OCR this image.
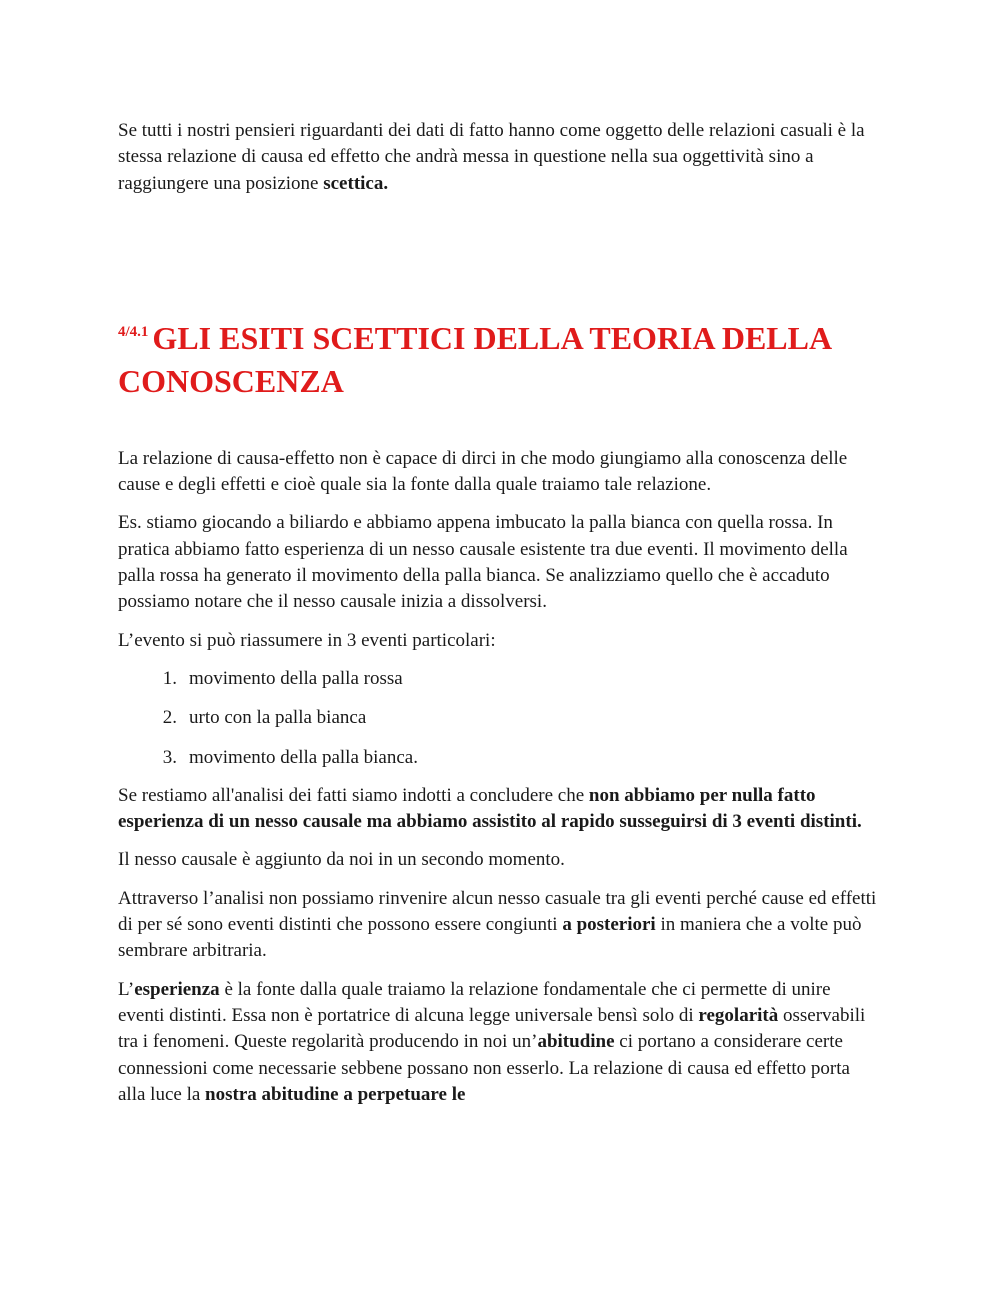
Se tutti i nostri pensieri riguardanti dei dati di fatto hanno come oggetto delle relazioni casuali è la stessa relazione di causa ed effetto che andrà messa in questione nella sua oggettività sino a raggiungere una posizione scettica.

$^{4/4.1}$ GLI ESITI SCETTICI DELLA TEORIA DELLA CONOSCENZA

La relazione di causa-effetto non è capace di dirci in che modo giungiamo alla conoscenza delle cause e degli effetti e cioè quale sia la fonte dalla quale traiamo tale relazione.

Es. stiamo giocando a biliardo e abbiamo appena imbucato la palla bianca con quella rossa. In pratica abbiamo fatto esperienza di un nesso causale esistente tra due eventi. Il movimento della palla rossa ha generato il movimento della palla bianca. Se analizziamo quello che è accaduto possiamo notare che il nesso causale inizia a dissolversi.

L’evento si può riassumere in 3 eventi particolari:

1. movimento della palla rossa
2. urto con la palla bianca
3. movimento della palla bianca.

Se restiamo all'analisi dei fatti siamo indotti a concludere che non abbiamo per nulla fatto esperienza di un nesso causale ma abbiamo assistito al rapido susseguirsi di 3 eventi distinti.

Il nesso causale è aggiunto da noi in un secondo momento.

Attraverso l’analisi non possiamo rinvenire alcun nesso casuale tra gli eventi perché cause ed effetti di per sé sono eventi distinti che possono essere congiunti a posteriori in maniera che a volte può sembrare arbitraria.

L’esperienza è la fonte dalla quale traiamo la relazione fondamentale che ci permette di unire eventi distinti. Essa non è portatrice di alcuna legge universale bensì solo di regolarità osservabili tra i fenomeni. Queste regolarità producendo in noi un’abitudine ci portano a considerare certe connessioni come necessarie sebbene possano non esserlo. La relazione di causa ed effetto porta alla luce la nostra abitudine a perpetuare le
